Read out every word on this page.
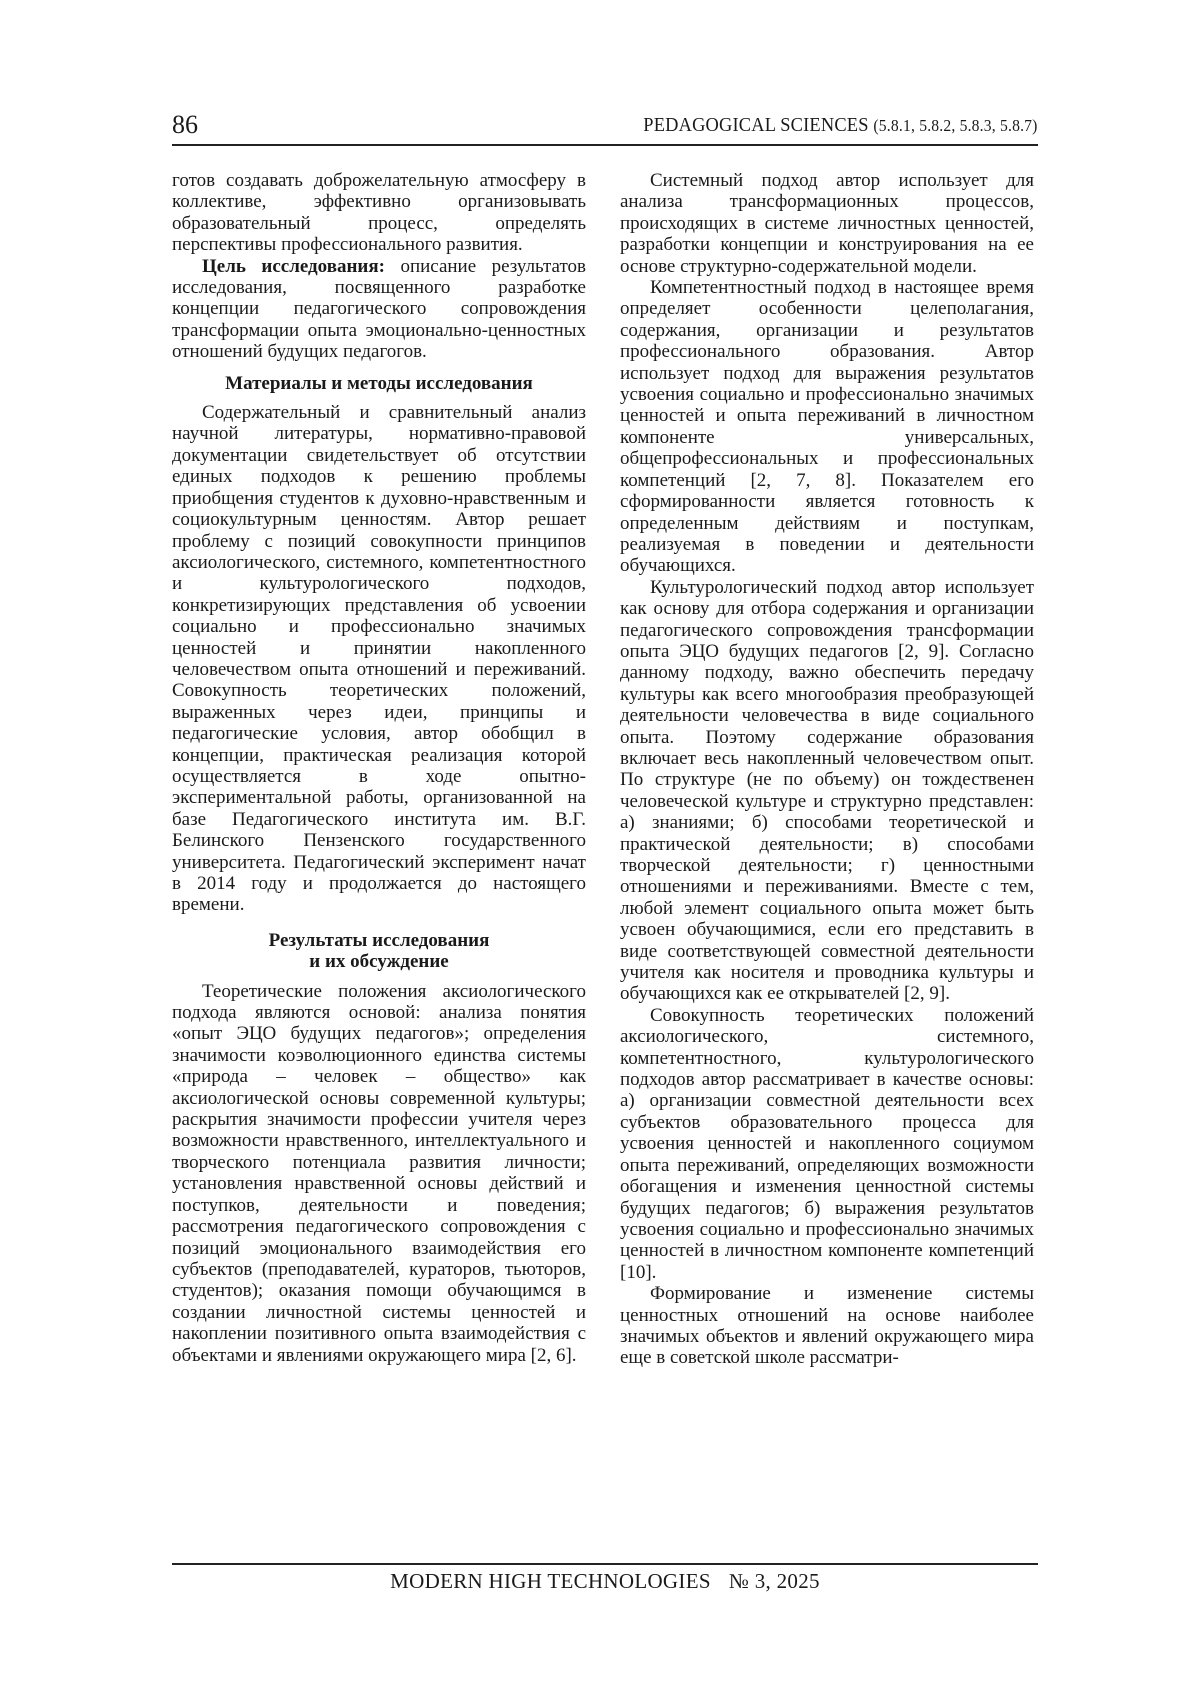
86	PEDAGOGICAL SCIENCES (5.8.1, 5.8.2, 5.8.3, 5.8.7)

готов создавать доброжелательную атмосферу в коллективе, эффективно организовывать образовательный процесс, определять перспективы профессионального развития.

Цель исследования: описание результатов исследования, посвященного разработке концепции педагогического сопровождения трансформации опыта эмоционально-ценностных отношений будущих педагогов.

Материалы и методы исследования

Содержательный и сравнительный анализ научной литературы, нормативно-правовой документации свидетельствует об отсутствии единых подходов к решению проблемы приобщения студентов к духовно-нравственным и социокультурным ценностям. Автор решает проблему с позиций совокупности принципов аксиологического, системного, компетентностного и культурологического подходов, конкретизирующих представления об усвоении социально и профессионально значимых ценностей и принятии накопленного человечеством опыта отношений и переживаний. Совокупность теоретических положений, выраженных через идеи, принципы и педагогические условия, автор обобщил в концепции, практическая реализация которой осуществляется в ходе опытно-экспериментальной работы, организованной на базе Педагогического института им. В.Г. Белинского Пензенского государственного университета. Педагогический эксперимент начат в 2014 году и продолжается до настоящего времени.

Результаты исследования
и их обсуждение

Теоретические положения аксиологического подхода являются основой: анализа понятия «опыт ЭЦО будущих педагогов»; определения значимости коэволюционного единства системы «природа – человек – общество» как аксиологической основы современной культуры; раскрытия значимости профессии учителя через возможности нравственного, интеллектуального и творческого потенциала развития личности; установления нравственной основы действий и поступков, деятельности и поведения; рассмотрения педагогического сопровождения с позиций эмоционального взаимодействия его субъектов (преподавателей, кураторов, тьюторов, студентов); оказания помощи обучающимся в создании личностной системы ценностей и накоплении позитивного опыта взаимодействия с объектами и явлениями окружающего мира [2, 6].

Системный подход автор использует для анализа трансформационных процессов, происходящих в системе личностных ценностей, разработки концепции и конструирования на ее основе структурно-содержательной модели.

Компетентностный подход в настоящее время определяет особенности целеполагания, содержания, организации и результатов профессионального образования. Автор использует подход для выражения результатов усвоения социально и профессионально значимых ценностей и опыта переживаний в личностном компоненте универсальных, общепрофессиональных и профессиональных компетенций [2, 7, 8]. Показателем его сформированности является готовность к определенным действиям и поступкам, реализуемая в поведении и деятельности обучающихся.

Культурологический подход автор использует как основу для отбора содержания и организации педагогического сопровождения трансформации опыта ЭЦО будущих педагогов [2, 9]. Согласно данному подходу, важно обеспечить передачу культуры как всего многообразия преобразующей деятельности человечества в виде социального опыта. Поэтому содержание образования включает весь накопленный человечеством опыт. По структуре (не по объему) он тождественен человеческой культуре и структурно представлен: а) знаниями; б) способами теоретической и практической деятельности; в) способами творческой деятельности; г) ценностными отношениями и переживаниями. Вместе с тем, любой элемент социального опыта может быть усвоен обучающимися, если его представить в виде соответствующей совместной деятельности учителя как носителя и проводника культуры и обучающихся как ее открывателей [2, 9].

Совокупность теоретических положений аксиологического, системного, компетентностного, культурологического подходов автор рассматривает в качестве основы: а) организации совместной деятельности всех субъектов образовательного процесса для усвоения ценностей и накопленного социумом опыта переживаний, определяющих возможности обогащения и изменения ценностной системы будущих педагогов; б) выражения результатов усвоения социально и профессионально значимых ценностей в личностном компоненте компетенций [10].

Формирование и изменение системы ценностных отношений на основе наиболее значимых объектов и явлений окружающего мира еще в советской школе рассматри-

MODERN HIGH TECHNOLOGIES № 3, 2025
